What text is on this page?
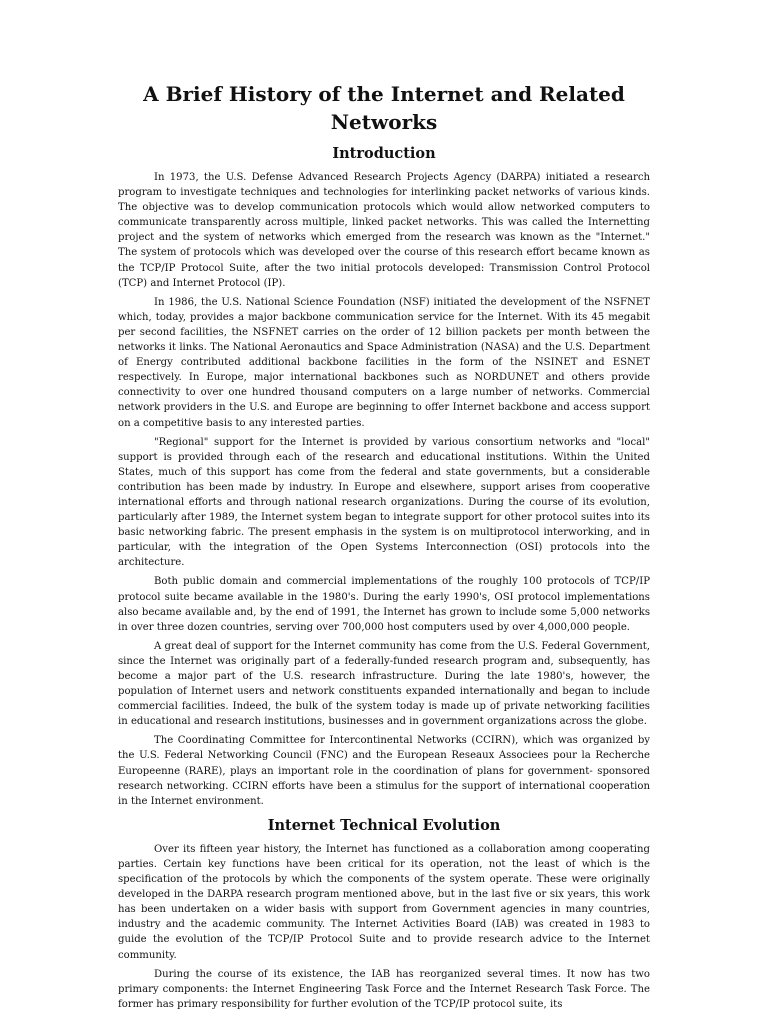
A Brief History of the Internet and Related Networks
Introduction

In 1973, the U.S. Defense Advanced Research Projects Agency (DARPA) initiated a research program to investigate techniques and technologies for interlinking packet networks of various kinds. The objective was to develop communication protocols which would allow networked computers to communicate transparently across multiple, linked packet networks. This was called the Internetting project and the system of networks which emerged from the research was known as the "Internet." The system of protocols which was developed over the course of this research effort became known as the TCP/IP Protocol Suite, after the two initial protocols developed: Transmission Control Protocol (TCP) and Internet Protocol (IP).

In 1986, the U.S. National Science Foundation (NSF) initiated the development of the NSFNET which, today, provides a major backbone communication service for the Internet. With its 45 megabit per second facilities, the NSFNET carries on the order of 12 billion packets per month between the networks it links. The National Aeronautics and Space Administration (NASA) and the U.S. Department of Energy contributed additional backbone facilities in the form of the NSINET and ESNET respectively. In Europe, major international backbones such as NORDUNET and others provide connectivity to over one hundred thousand computers on a large number of networks. Commercial network providers in the U.S. and Europe are beginning to offer Internet backbone and access support on a competitive basis to any interested parties.

"Regional" support for the Internet is provided by various consortium networks and "local" support is provided through each of the research and educational institutions. Within the United States, much of this support has come from the federal and state governments, but a considerable contribution has been made by industry. In Europe and elsewhere, support arises from cooperative international efforts and through national research organizations. During the course of its evolution, particularly after 1989, the Internet system began to integrate support for other protocol suites into its basic networking fabric. The present emphasis in the system is on multiprotocol interworking, and in particular, with the integration of the Open Systems Interconnection (OSI) protocols into the architecture.

Both public domain and commercial implementations of the roughly 100 protocols of TCP/IP protocol suite became available in the 1980's. During the early 1990's, OSI protocol implementations also became available and, by the end of 1991, the Internet has grown to include some 5,000 networks in over three dozen countries, serving over 700,000 host computers used by over 4,000,000 people.

A great deal of support for the Internet community has come from the U.S. Federal Government, since the Internet was originally part of a federally-funded research program and, subsequently, has become a major part of the U.S. research infrastructure. During the late 1980's, however, the population of Internet users and network constituents expanded internationally and began to include commercial facilities. Indeed, the bulk of the system today is made up of private networking facilities in educational and research institutions, businesses and in government organizations across the globe.

The Coordinating Committee for Intercontinental Networks (CCIRN), which was organized by the U.S. Federal Networking Council (FNC) and the European Reseaux Associees pour la Recherche Europeenne (RARE), plays an important role in the coordination of plans for government- sponsored research networking. CCIRN efforts have been a stimulus for the support of international cooperation in the Internet environment.

Internet Technical Evolution

Over its fifteen year history, the Internet has functioned as a collaboration among cooperating parties. Certain key functions have been critical for its operation, not the least of which is the specification of the protocols by which the components of the system operate. These were originally developed in the DARPA research program mentioned above, but in the last five or six years, this work has been undertaken on a wider basis with support from Government agencies in many countries, industry and the academic community. The Internet Activities Board (IAB) was created in 1983 to guide the evolution of the TCP/IP Protocol Suite and to provide research advice to the Internet community.

During the course of its existence, the IAB has reorganized several times. It now has two primary components: the Internet Engineering Task Force and the Internet Research Task Force. The former has primary responsibility for further evolution of the TCP/IP protocol suite, its
